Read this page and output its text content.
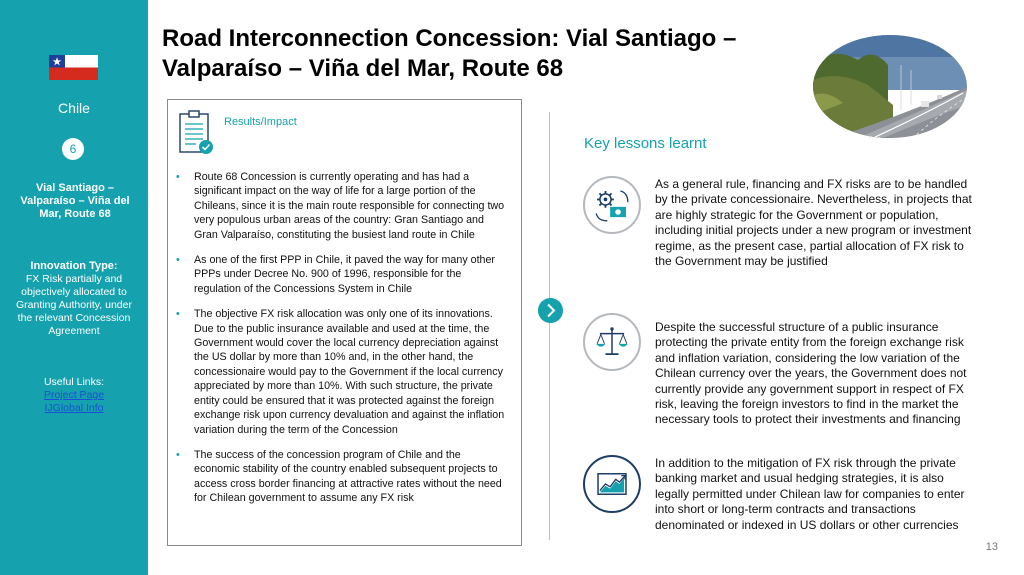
Chile
6
Vial Santiago – Valparaíso – Viña del Mar, Route 68
Innovation Type:
FX Risk partially and objectively allocated to Granting Authority, under the relevant Concession Agreement
Useful Links:
Project Page
IJGlobal Info
Road Interconnection Concession: Vial Santiago – Valparaíso – Viña del Mar, Route 68
Results/Impact
• Route 68 Concession is currently operating and has had a significant impact on the way of life for a large portion of the Chileans, since it is the main route responsible for connecting two very populous urban areas of the country: Gran Santiago and Gran Valparaíso, constituting the busiest land route in Chile
• As one of the first PPP in Chile, it paved the way for many other PPPs under Decree No. 900 of 1996, responsible for the regulation of the Concessions System in Chile
• The objective FX risk allocation was only one of its innovations. Due to the public insurance available and used at the time, the Government would cover the local currency depreciation against the US dollar by more than 10% and, in the other hand, the concessionaire would pay to the Government if the local currency appreciated by more than 10%. With such structure, the private entity could be ensured that it was protected against the foreign exchange risk upon currency devaluation and against the inflation variation during the term of the Concession
• The success of the concession program of Chile and the economic stability of the country enabled subsequent projects to access cross border financing at attractive rates without the need for Chilean government to assume any FX risk
Key lessons learnt
As a general rule, financing and FX risks are to be handled by the private concessionaire. Nevertheless, in projects that are highly strategic for the Government or population, including initial projects under a new program or investment regime, as the present case, partial allocation of FX risk to the Government may be justified
Despite the successful structure of a public insurance protecting the private entity from the foreign exchange risk and inflation variation, considering the low variation of the Chilean currency over the years, the Government does not currently provide any government support in respect of FX risk, leaving the foreign investors to find in the market the necessary tools to protect their investments and financing
In addition to the mitigation of FX risk through the private banking market and usual hedging strategies, it is also legally permitted under Chilean law for companies to enter into short or long-term contracts and transactions denominated or indexed in US dollars or other currencies
13
